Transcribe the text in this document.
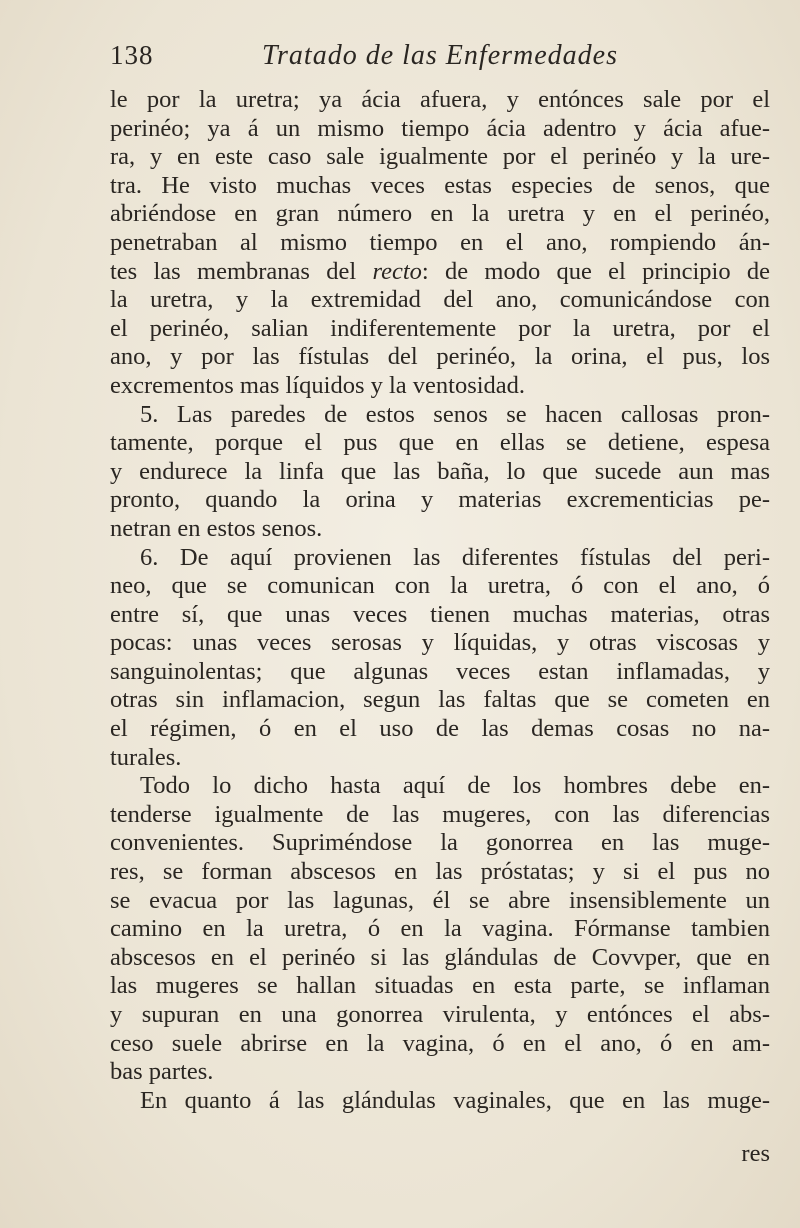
138	Tratado de las Enfermedades
le por la uretra; ya ácia afuera, y entónces sale por el
perinéo; ya á un mismo tiempo ácia adentro y ácia afue-
ra, y en este caso sale igualmente por el perinéo y la ure-
tra. He visto muchas veces estas especies de senos, que
abriéndose en gran número en la uretra y en el perinéo,
penetraban al mismo tiempo en el ano, rompiendo án-
tes las membranas del recto: de modo que el principio de
la uretra, y la extremidad del ano, comunicándose con
el perinéo, salian indiferentemente por la uretra, por el
ano, y por las fístulas del perinéo, la orina, el pus, los
excrementos mas líquidos y la ventosidad.
5. Las paredes de estos senos se hacen callosas pron-
tamente, porque el pus que en ellas se detiene, espesa
y endurece la linfa que las baña, lo que sucede aun mas
pronto, quando la orina y materias excrementicias pe-
netran en estos senos.
6. De aquí provienen las diferentes fístulas del peri-
neo, que se comunican con la uretra, ó con el ano, ó
entre sí, que unas veces tienen muchas materias, otras
pocas: unas veces serosas y líquidas, y otras viscosas y
sanguinolentas; que algunas veces estan inflamadas, y
otras sin inflamacion, segun las faltas que se cometen en
el régimen, ó en el uso de las demas cosas no na-
turales.
Todo lo dicho hasta aquí de los hombres debe en-
tenderse igualmente de las mugeres, con las diferencias
convenientes. Supriméndose la gonorrea en las muge-
res, se forman abscesos en las próstatas; y si el pus no
se evacua por las lagunas, él se abre insensiblemente un
camino en la uretra, ó en la vagina. Fórmanse tambien
abscesos en el perinéo si las glándulas de Covvper, que en
las mugeres se hallan situadas en esta parte, se inflaman
y supuran en una gonorrea virulenta, y entónces el abs-
ceso suele abrirse en la vagina, ó en el ano, ó en am-
bas partes.
En quanto á las glándulas vaginales, que en las muge-
res
